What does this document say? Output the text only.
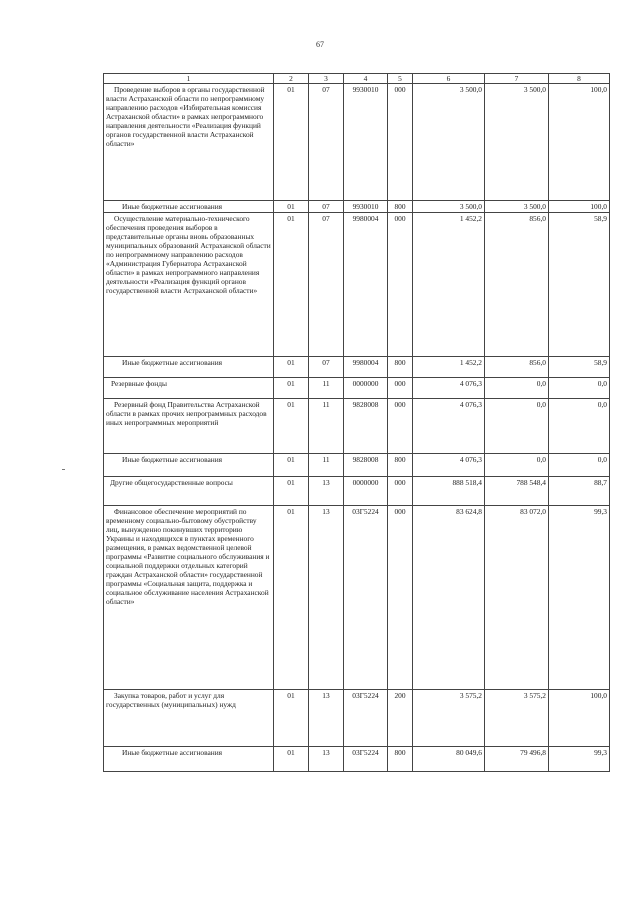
67
1	2	3	4	5	6	7	8
Проведение выборов в органы государственной власти Астраханской области по непрограммному направлению расходов «Избирательная комиссия Астраханской области» в рамках непрограммного направления деятельности «Реализация функций органов государственной власти Астраханской области»	01	07	9930010	000	3 500,0	3 500,0	100,0
Иные бюджетные ассигнования	01	07	9930010	800	3 500,0	3 500,0	100,0
Осуществление материально-технического обеспечения проведения выборов в представительные органы вновь образованных муниципальных образований Астраханской области по непрограммному направлению расходов «Администрация Губернатора Астраханской области» в рамках непрограммного направления деятельности «Реализация функций органов государственной власти Астраханской области»	01	07	9980004	000	1 452,2	856,0	58,9
Иные бюджетные ассигнования	01	07	9980004	800	1 452,2	856,0	58,9
Резервные фонды	01	11	0000000	000	4 076,3	0,0	0,0
Резервный фонд Правительства Астраханской области в рамках прочих непрограммных расходов иных непрограммных мероприятий	01	11	9828008	000	4 076,3	0,0	0,0
Иные бюджетные ассигнования	01	11	9828008	800	4 076,3	0,0	0,0
Другие общегосударственные вопросы	01	13	0000000	000	888 518,4	788 548,4	88,7
Финансовое обеспечение мероприятий по временному социально-бытовому обустройству лиц, вынужденно покинувших территорию Украины и находящихся в пунктах временного размещения, в рамках ведомственной целевой программы «Развитие социального обслуживания и социальной поддержки отдельных категорий граждан Астраханской области» государственной программы «Социальная защита, поддержка и социальное обслуживание населения Астраханской области»	01	13	03Г5224	000	83 624,8	83 072,0	99,3
Закупка товаров, работ и услуг для государственных (муниципальных) нужд	01	13	03Г5224	200	3 575,2	3 575,2	100,0
Иные бюджетные ассигнования	01	13	03Г5224	800	80 049,6	79 496,8	99,3
